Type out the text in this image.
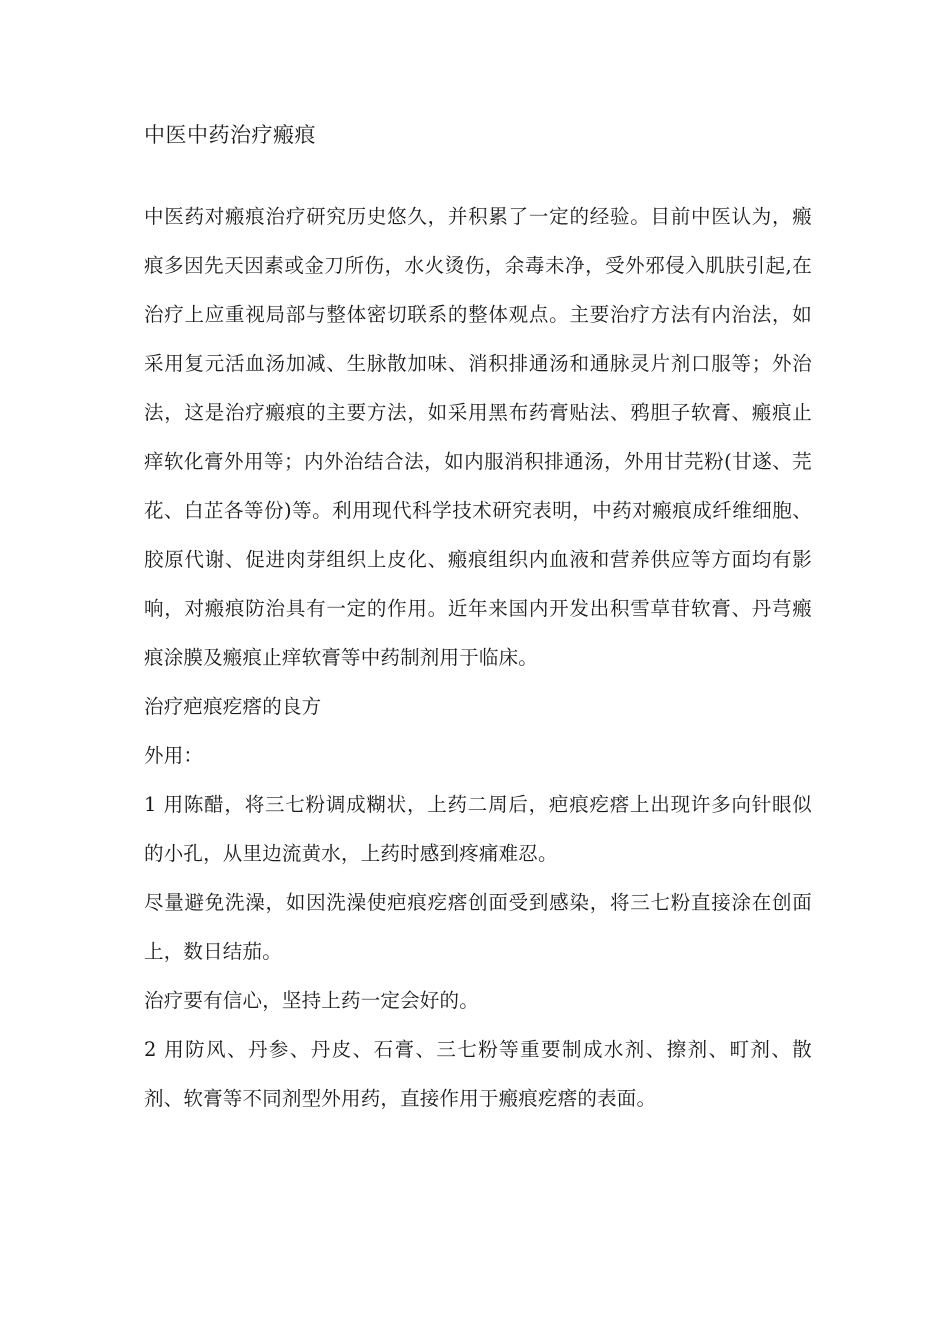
中医中药治疗瘢痕

中医药对瘢痕治疗研究历史悠久，并积累了一定的经验。目前中医认为，瘢痕多因先天因素或金刀所伤，水火烫伤，余毒未净，受外邪侵入肌肤引起,在治疗上应重视局部与整体密切联系的整体观点。主要治疗方法有内治法，如采用复元活血汤加减、生脉散加味、消积排通汤和通脉灵片剂口服等；外治法，这是治疗瘢痕的主要方法，如采用黑布药膏贴法、鸦胆子软膏、瘢痕止痒软化膏外用等；内外治结合法，如内服消积排通汤，外用甘芫粉(甘遂、芫花、白芷各等份)等。利用现代科学技术研究表明，中药对瘢痕成纤维细胞、胶原代谢、促进肉芽组织上皮化、瘢痕组织内血液和营养供应等方面均有影响，对瘢痕防治具有一定的作用。近年来国内开发出积雪草苷软膏、丹芎瘢痕涂膜及瘢痕止痒软膏等中药制剂用于临床。

治疗疤痕疙瘩的良方

外用：

1 用陈醋，将三七粉调成糊状，上药二周后，疤痕疙瘩上出现许多向针眼似的小孔，从里边流黄水，上药时感到疼痛难忍。

尽量避免洗澡，如因洗澡使疤痕疙瘩创面受到感染，将三七粉直接涂在创面上，数日结茄。

治疗要有信心，坚持上药一定会好的。

2 用防风、丹参、丹皮、石膏、三七粉等重要制成水剂、擦剂、町剂、散剂、软膏等不同剂型外用药，直接作用于瘢痕疙瘩的表面。
